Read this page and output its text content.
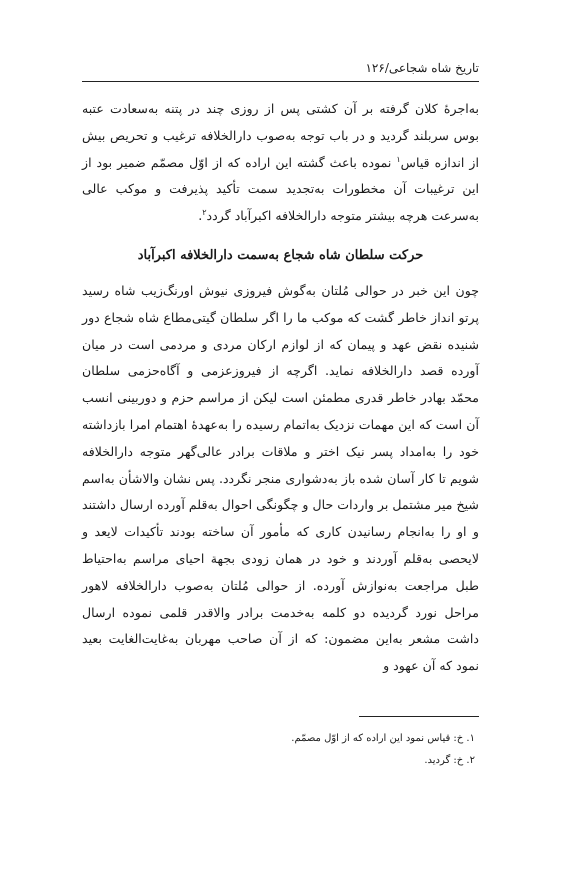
تاریخ شاه شجاعی/۱۲۶

به‌اجرهٔ کلان گرفته بر آن کشتی پس از روزی چند در پتنه به‌سعادت عتبه بوس سربلند گردید و در باب توجه به‌صوب دارالخلافه ترغیب و تحریص بیش از اندازه قیاس$^۱$ نموده باعث گشته این اراده که از اوّل مصمّم ضمیر بود از این ترغیبات آن مخطورات به‌تجدید سمت تأکید پذیرفت و موکب عالی به‌سرعت هرچه بیشتر متوجه دارالخلافه اکبرآباد گردد$^۲$.

حرکت سلطان شاه شجاع به‌سمت دارالخلافه اکبرآباد

چون این خبر در حوالی مُلتان به‌گوش فیروزی نیوش اورنگ‌زیب شاه رسید پرتو انداز خاطر گشت که موکب ما را اگر سلطان گیتی‌مطاع شاه شجاع دور شنیده نقض عهد و پیمان که از لوازم ارکان مردی و مردمی است در میان آورده قصد دارالخلافه نماید. اگرچه از فیروزعزمی و آگاه‌حزمی سلطان محمّد بهادر خاطر قدری مطمئن است لیکن از مراسم حزم و دوربینی انسب آن است که این مهمات نزدیک به‌اتمام رسیده را به‌عهدهٔ اهتمام امرا بازداشته خود را به‌امداد پسر نیک اختر و ملاقات برادر عالی‌گهر متوجه دارالخلافه شویم تا کار آسان شده باز به‌دشواری منجر نگردد. پس نشان والاشأن به‌اسم شیخ میر مشتمل بر واردات حال و چگونگی احوال به‌قلم آورده ارسال داشتند و او را به‌انجام رسانیدن کاری که مأمور آن ساخته بودند تأکیدات لایعد و لایحصی به‌قلم آوردند و خود در همان زودی بجهة احیای مراسم به‌احتیاط طبل مراجعت به‌نوازش آورده. از حوالی مُلتان به‌صوب دارالخلافه لاهور مراحل نورد گردیده دو کلمه به‌خدمت برادر والاقدر قلمی نموده ارسال داشت مشعر به‌این مضمون: که از آن صاحب مهربان به‌غایت‌الغایت بعید نمود که آن عهود و

۱. خ: قیاس نمود این اراده که از اوّل مصمّم.

۲. خ: گردید.
